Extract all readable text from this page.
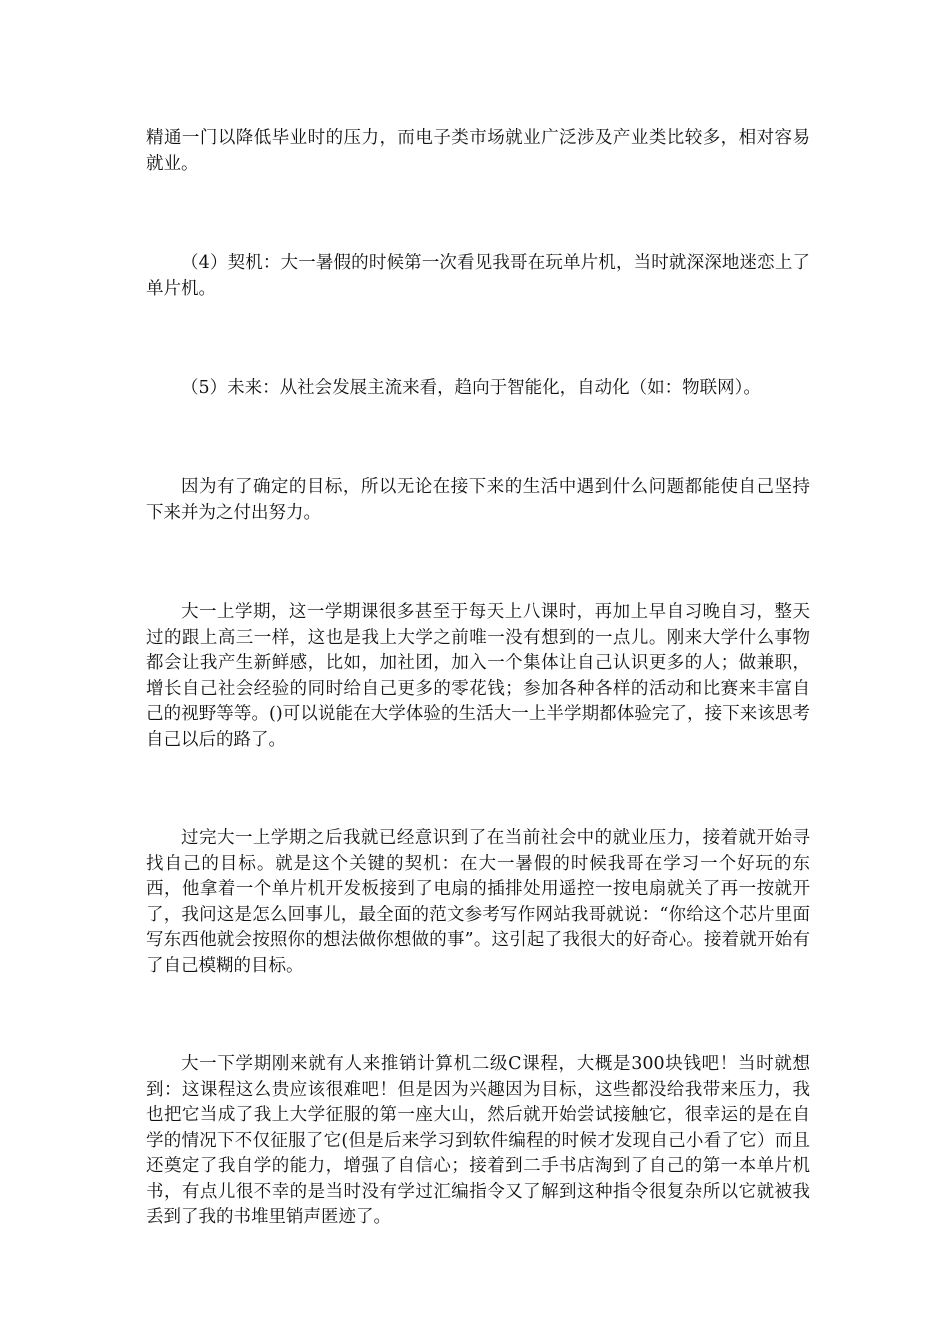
精通一门以降低毕业时的压力，而电子类市场就业广泛涉及产业类比较多，相对容易就业。

（4）契机：大一暑假的时候第一次看见我哥在玩单片机，当时就深深地迷恋上了单片机。

（5）未来：从社会发展主流来看，趋向于智能化，自动化（如：物联网）。

因为有了确定的目标，所以无论在接下来的生活中遇到什么问题都能使自己坚持下来并为之付出努力。

大一上学期，这一学期课很多甚至于每天上八课时，再加上早自习晚自习，整天过的跟上高三一样，这也是我上大学之前唯一没有想到的一点儿。刚来大学什么事物都会让我产生新鲜感，比如，加社团，加入一个集体让自己认识更多的人；做兼职，增长自己社会经验的同时给自己更多的零花钱；参加各种各样的活动和比赛来丰富自己的视野等等。()可以说能在大学体验的生活大一上半学期都体验完了，接下来该思考自己以后的路了。

过完大一上学期之后我就已经意识到了在当前社会中的就业压力，接着就开始寻找自己的目标。就是这个关键的契机：在大一暑假的时候我哥在学习一个好玩的东西，他拿着一个单片机开发板接到了电扇的插排处用遥控一按电扇就关了再一按就开了，我问这是怎么回事儿，最全面的范文参考写作网站我哥就说：“你给这个芯片里面写东西他就会按照你的想法做你想做的事”。这引起了我很大的好奇心。接着就开始有了自己模糊的目标。

大一下学期刚来就有人来推销计算机二级C课程，大概是300块钱吧！当时就想到：这课程这么贵应该很难吧！但是因为兴趣因为目标，这些都没给我带来压力，我也把它当成了我上大学征服的第一座大山，然后就开始尝试接触它，很幸运的是在自学的情况下不仅征服了它(但是后来学习到软件编程的时候才发现自己小看了它）而且还奠定了我自学的能力，增强了自信心；接着到二手书店淘到了自己的第一本单片机书，有点儿很不幸的是当时没有学过汇编指令又了解到这种指令很复杂所以它就被我丢到了我的书堆里销声匿迹了。
